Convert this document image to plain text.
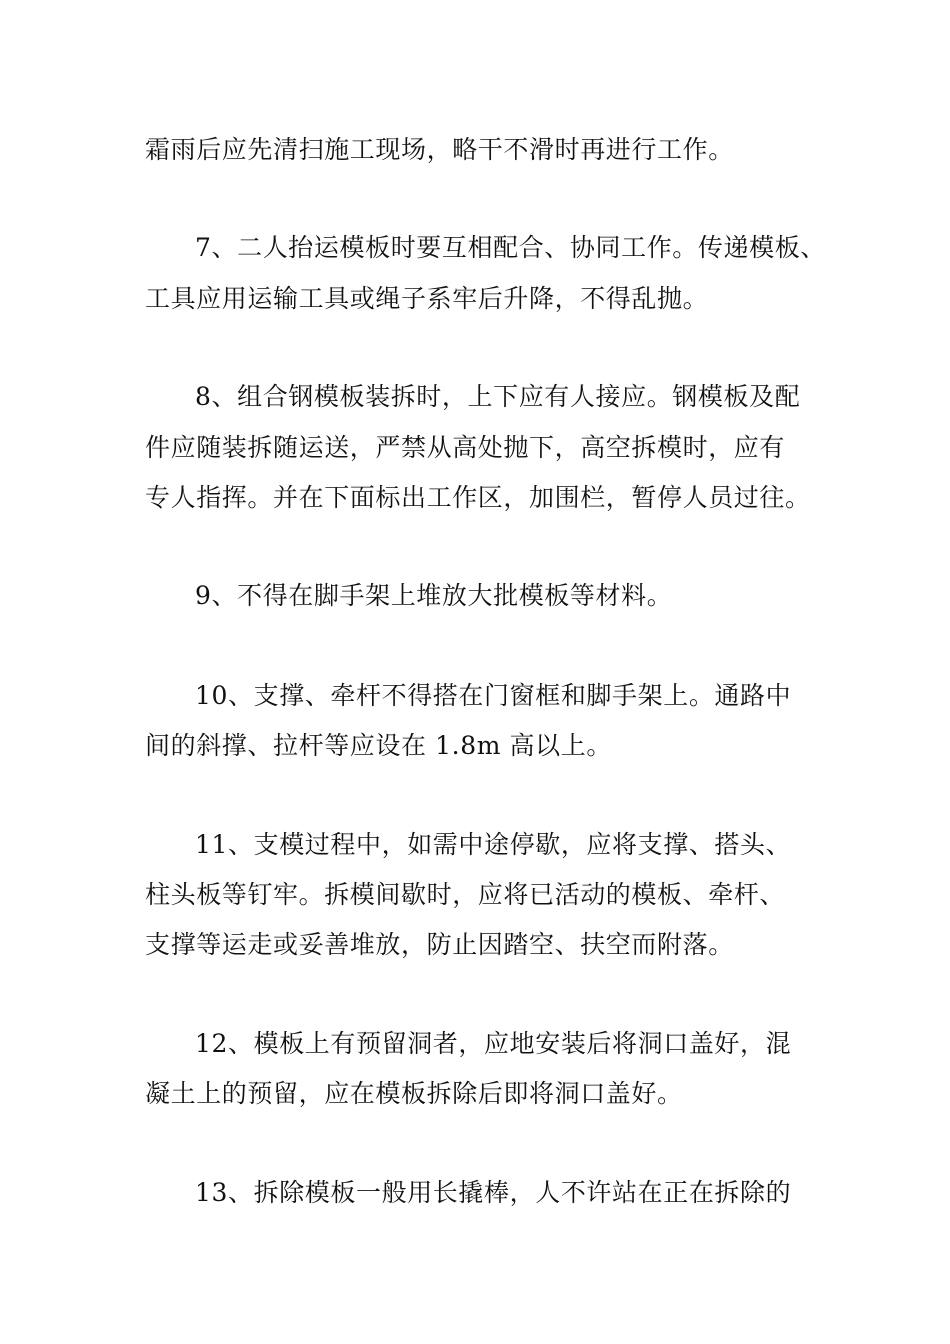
霜雨后应先清扫施工现场，略干不滑时再进行工作。
7、二人抬运模板时要互相配合、协同工作。传递模板、
工具应用运输工具或绳子系牢后升降，不得乱抛。
8、组合钢模板装拆时，上下应有人接应。钢模板及配
件应随装拆随运送，严禁从高处抛下，高空拆模时，应有
专人指挥。并在下面标出工作区，加围栏，暂停人员过往。
9、不得在脚手架上堆放大批模板等材料。
10、支撑、牵杆不得搭在门窗框和脚手架上。通路中
间的斜撑、拉杆等应设在 1.8m 高以上。
11、支模过程中，如需中途停歇，应将支撑、搭头、
柱头板等钉牢。拆模间歇时，应将已活动的模板、牵杆、
支撑等运走或妥善堆放，防止因踏空、扶空而附落。
12、模板上有预留洞者，应地安装后将洞口盖好，混
凝土上的预留，应在模板拆除后即将洞口盖好。
13、拆除模板一般用长撬棒，人不许站在正在拆除的
